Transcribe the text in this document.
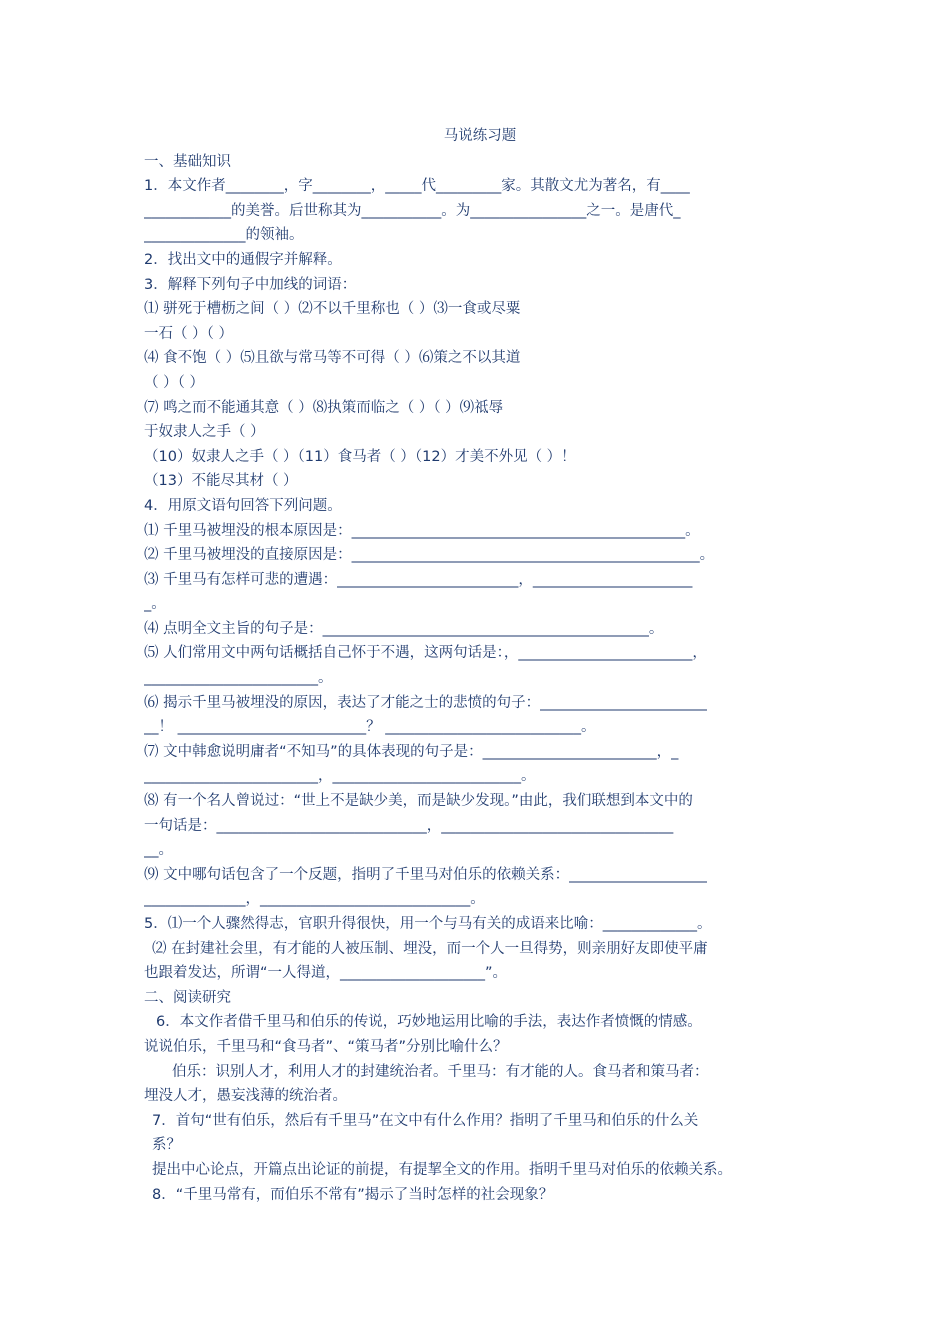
马说练习题
一、基础知识
1．本文作者________，字________，_____代_________家。其散文尤为著名，有____
____________的美誉。后世称其为___________。为________________之一。是唐代_
______________的领袖。
2．找出文中的通假字并解释。
3．解释下列句子中加线的词语：
⑴ 骈死于槽枥之间（ ）⑵不以千里称也（ ）⑶一食或尽粟
一石（ ）（ ）
⑷ 食不饱（ ）⑸且欲与常马等不可得（ ）⑹策之不以其道
（ ）（ ）
⑺ 鸣之而不能通其意（ ）⑻执策而临之（ ）（ ）⑼祗辱
于奴隶人之手（ ）
（10）奴隶人之手（ ）（11）食马者（ ）（12）才美不外见（ ）！
（13）不能尽其材（ ）
4．用原文语句回答下列问题。
⑴ 千里马被埋没的根本原因是：______________________________________________。
⑵ 千里马被埋没的直接原因是：________________________________________________。
⑶ 千里马有怎样可悲的遭遇：_________________________，______________________
_。
⑷ 点明全文主旨的句子是：_____________________________________________。
⑸ 人们常用文中两句话概括自己怀于不遇，这两句话是：，________________________，
________________________。
⑹ 揭示千里马被埋没的原因，表达了才能之士的悲愤的句子：_______________________
__！ __________________________？ ___________________________。
⑺ 文中韩愈说明庸者“不知马”的具体表现的句子是：________________________，_
________________________，__________________________。
⑻ 有一个名人曾说过：“世上不是缺少美，而是缺少发现。”由此，我们联想到本文中的
一句话是：_____________________________，________________________________
__。
⑼ 文中哪句话包含了一个反题，指明了千里马对伯乐的依赖关系：___________________
______________，_____________________________。
5．⑴一个人骤然得志，官职升得很快，用一个与马有关的成语来比喻：_____________。
⑵ 在封建社会里，有才能的人被压制、埋没，而一个人一旦得势，则亲朋好友即使平庸
也跟着发达，所谓“一人得道，____________________”。
二、阅读研究
6．本文作者借千里马和伯乐的传说，巧妙地运用比喻的手法，表达作者愤慨的情感。
说说伯乐，千里马和“食马者”、“策马者”分别比喻什么？
伯乐：识别人才，利用人才的封建统治者。千里马：有才能的人。食马者和策马者：
埋没人才，愚妄浅薄的统治者。
7．首句“世有伯乐，然后有千里马”在文中有什么作用？指明了千里马和伯乐的什么关
系？
提出中心论点，开篇点出论证的前提，有提挈全文的作用。指明千里马对伯乐的依赖关系。
8．“千里马常有，而伯乐不常有”揭示了当时怎样的社会现象？
